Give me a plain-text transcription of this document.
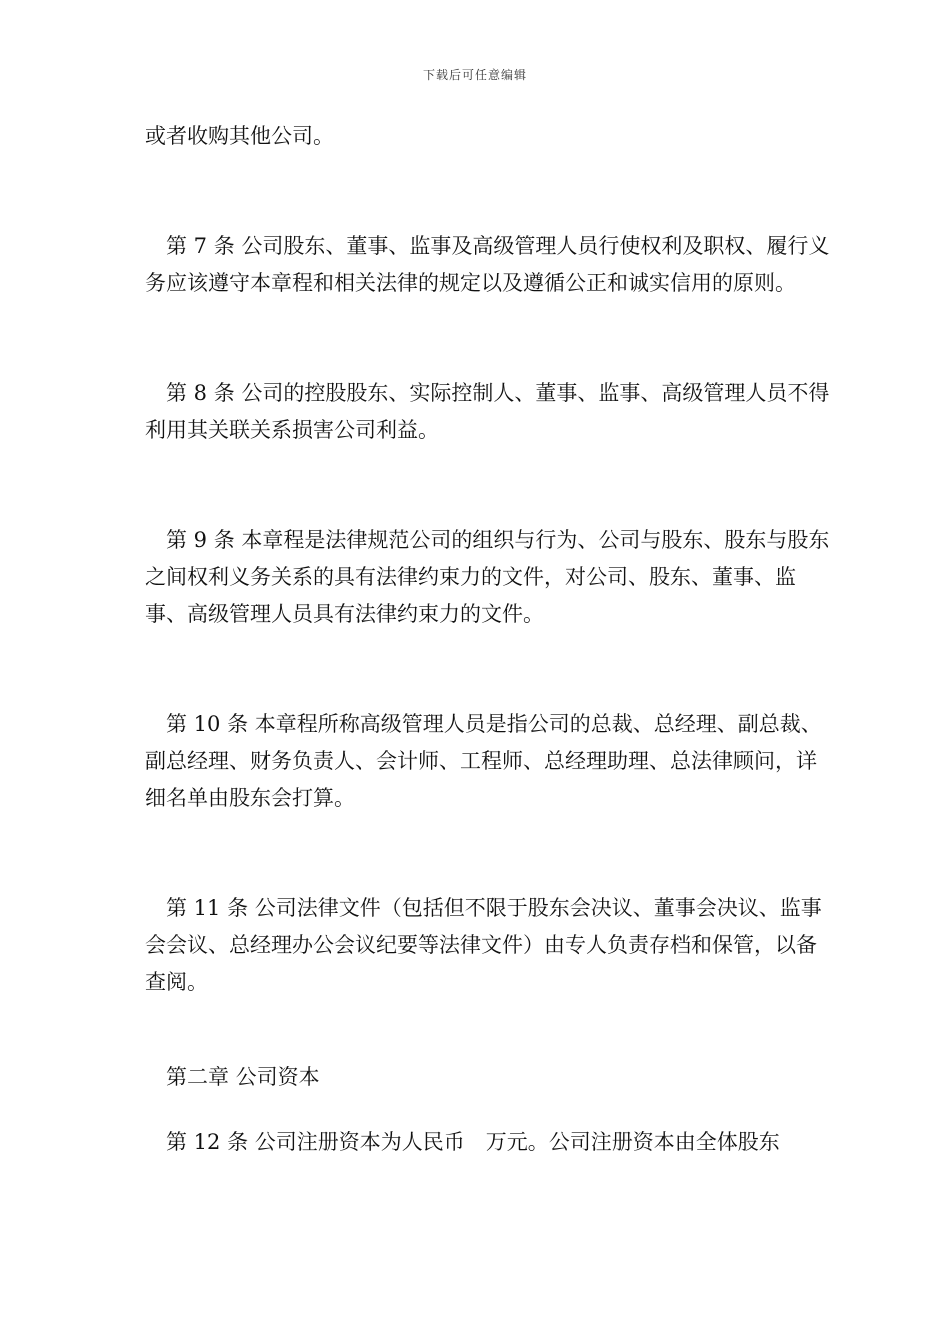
下载后可任意编辑

或者收购其他公司。

第 7 条 公司股东、董事、监事及高级管理人员行使权利及职权、履行义务应该遵守本章程和相关法律的规定以及遵循公正和诚实信用的原则。

第 8 条 公司的控股股东、实际控制人、董事、监事、高级管理人员不得利用其关联关系损害公司利益。

第 9 条 本章程是法律规范公司的组织与行为、公司与股东、股东与股东之间权利义务关系的具有法律约束力的文件，对公司、股东、董事、监事、高级管理人员具有法律约束力的文件。

第 10 条 本章程所称高级管理人员是指公司的总裁、总经理、副总裁、副总经理、财务负责人、会计师、工程师、总经理助理、总法律顾问，详细名单由股东会打算。

第 11 条 公司法律文件（包括但不限于股东会决议、董事会决议、监事会会议、总经理办公会议纪要等法律文件）由专人负责存档和保管，以备查阅。

第二章 公司资本

第 12 条 公司注册资本为人民币　万元。公司注册资本由全体股东
